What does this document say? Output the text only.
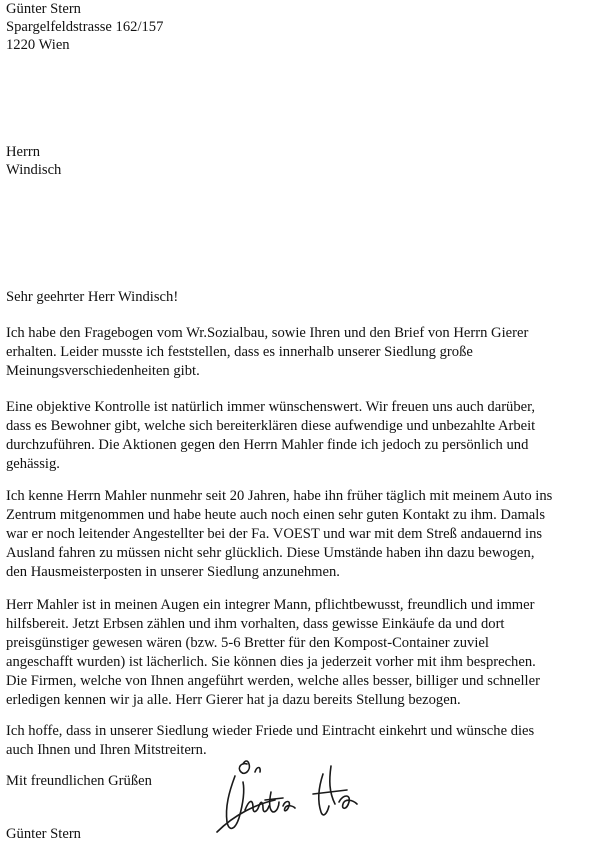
Günter Stern
Spargelfeldstrasse 162/157
1220 Wien
Herrn
Windisch
Sehr geehrter Herr Windisch!
Ich habe den Fragebogen vom Wr.Sozialbau, sowie Ihren und den Brief von Herrn Gierer
erhalten. Leider musste ich feststellen, dass es innerhalb unserer Siedlung große
Meinungsverschiedenheiten gibt.
Eine objektive Kontrolle ist natürlich immer wünschenswert. Wir freuen uns auch darüber,
dass es Bewohner gibt, welche sich bereiterklären diese aufwendige und unbezahlte Arbeit
durchzuführen. Die Aktionen gegen den Herrn Mahler finde ich jedoch zu persönlich und
gehässig.
Ich kenne Herrn Mahler nunmehr seit 20 Jahren, habe ihn früher täglich mit meinem Auto ins
Zentrum mitgenommen und habe heute auch noch einen sehr guten Kontakt zu ihm. Damals
war er noch leitender Angestellter bei der Fa. VOEST und war mit dem Streß andauernd ins
Ausland fahren zu müssen nicht sehr glücklich. Diese Umstände haben ihn dazu bewogen,
den Hausmeisterposten in unserer Siedlung anzunehmen.
Herr Mahler ist in meinen Augen ein integrer Mann, pflichtbewusst, freundlich und immer
hilfsbereit. Jetzt Erbsen zählen und ihm vorhalten, dass gewisse Einkäufe da und dort
preisgünstiger gewesen wären (bzw. 5-6 Bretter für den Kompost-Container zuviel
angeschafft wurden) ist lächerlich. Sie können dies ja jederzeit vorher mit ihm besprechen.
Die Firmen, welche von Ihnen angeführt werden, welche alles besser, billiger und schneller
erledigen kennen wir ja alle. Herr Gierer hat ja dazu bereits Stellung bezogen.
Ich hoffe, dass in unserer Siedlung wieder Friede und Eintracht einkehrt und wünsche dies
auch Ihnen und Ihren Mitstreitern.
Mit freundlichen Grüßen
Günter Stern
